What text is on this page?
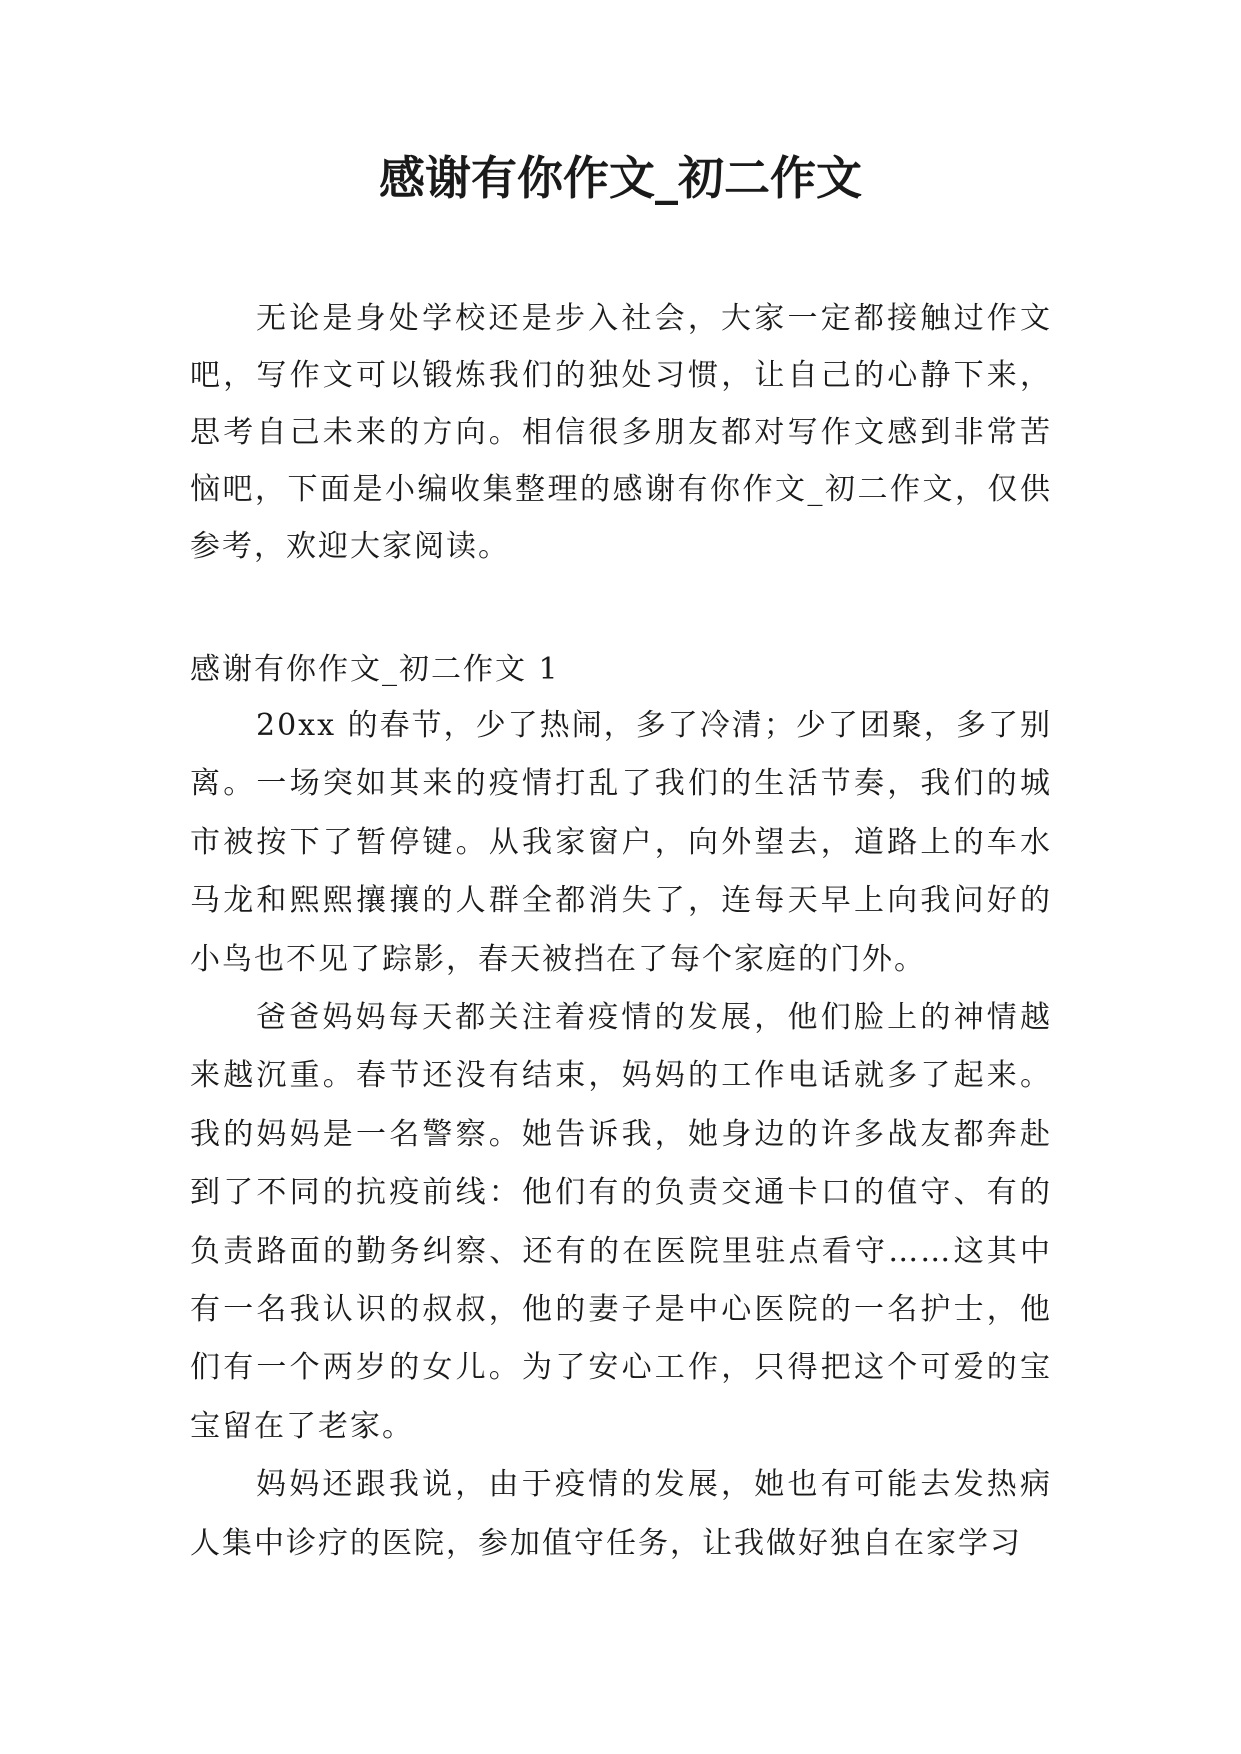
感谢有你作文_初二作文

无论是身处学校还是步入社会，大家一定都接触过作文吧，写作文可以锻炼我们的独处习惯，让自己的心静下来，思考自己未来的方向。相信很多朋友都对写作文感到非常苦恼吧，下面是小编收集整理的感谢有你作文_初二作文，仅供参考，欢迎大家阅读。

感谢有你作文_初二作文 1

20xx 的春节，少了热闹，多了冷清；少了团聚，多了别离。一场突如其来的疫情打乱了我们的生活节奏，我们的城市被按下了暂停键。从我家窗户，向外望去，道路上的车水马龙和熙熙攘攘的人群全都消失了，连每天早上向我问好的小鸟也不见了踪影，春天被挡在了每个家庭的门外。

爸爸妈妈每天都关注着疫情的发展，他们脸上的神情越来越沉重。春节还没有结束，妈妈的工作电话就多了起来。我的妈妈是一名警察。她告诉我，她身边的许多战友都奔赴到了不同的抗疫前线：他们有的负责交通卡口的值守、有的负责路面的勤务纠察、还有的在医院里驻点看守……这其中有一名我认识的叔叔，他的妻子是中心医院的一名护士，他们有一个两岁的女儿。为了安心工作，只得把这个可爱的宝宝留在了老家。

妈妈还跟我说，由于疫情的发展，她也有可能去发热病人集中诊疗的医院，参加值守任务，让我做好独自在家学习
